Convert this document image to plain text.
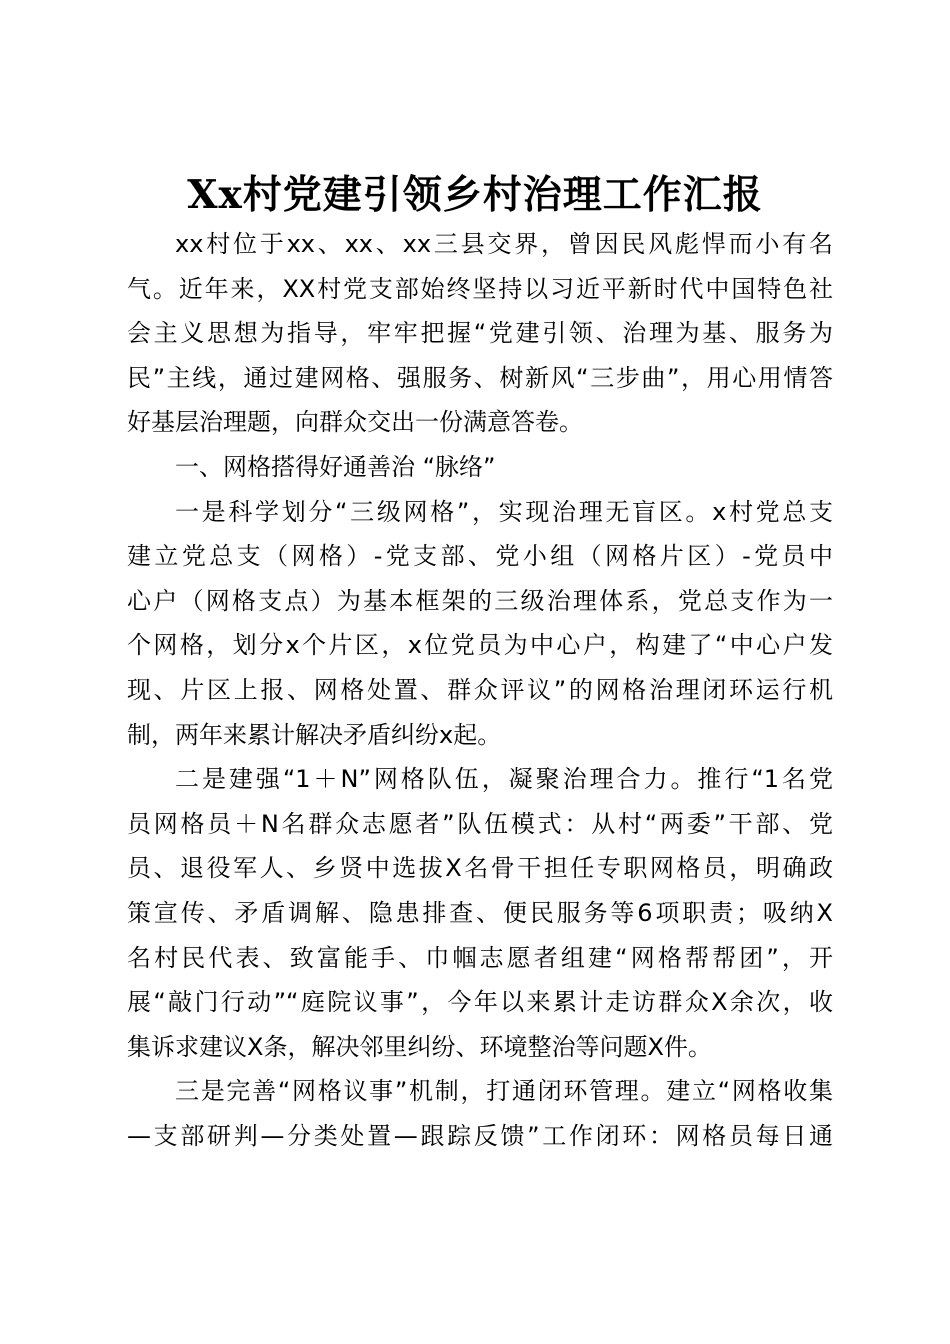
Xx村党建引领乡村治理工作汇报

xx村位于xx、xx、xx三县交界，曾因民风彪悍而小有名
气。近年来，XX村党支部始终坚持以习近平新时代中国特色社
会主义思想为指导，牢牢把握“党建引领、治理为基、服务为
民”主线，通过建网格、强服务、树新风“三步曲”，用心用情答
好基层治理题，向群众交出一份满意答卷。

一、网格搭得好通善治 “脉络”

一是科学划分“三级网格”，实现治理无盲区。x村党总支
建立党总支（网格）-党支部、党小组（网格片区）-党员中
心户（网格支点）为基本框架的三级治理体系，党总支作为一
个网格，划分x个片区，x位党员为中心户，构建了“中心户发
现、片区上报、网格处置、群众评议”的网格治理闭环运行机
制，两年来累计解决矛盾纠纷x起。

二是建强“1＋N”网格队伍，凝聚治理合力。推行“1名党
员网格员＋N名群众志愿者”队伍模式：从村“两委”干部、党
员、退役军人、乡贤中选拔X名骨干担任专职网格员，明确政
策宣传、矛盾调解、隐患排查、便民服务等6项职责；吸纳X
名村民代表、致富能手、巾帼志愿者组建“网格帮帮团”，开
展“敲门行动”“庭院议事”，今年以来累计走访群众X余次，收
集诉求建议X条，解决邻里纠纷、环境整治等问题X件。

三是完善“网格议事”机制，打通闭环管理。建立“网格收集
—支部研判—分类处置—跟踪反馈”工作闭环：网格员每日通
